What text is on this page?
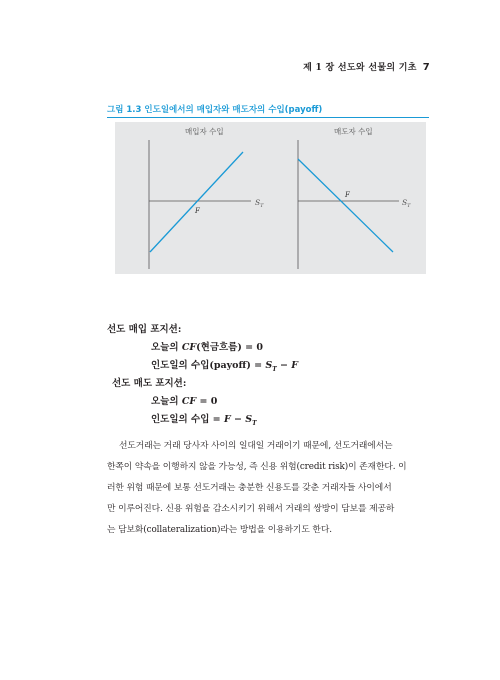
제 1 장 선도와 선물의 기초 7
그림 1.3 인도일에서의 매입자와 매도자의 수입(payoff)
매입자 수입
F
$S_T$
매도자 수입
F
$S_T$
선도 매입 포지션:
오늘의 CF(현금흐름) = 0
인도일의 수입(payoff) = $S_T - F$
선도 매도 포지션:
오늘의 CF = 0
인도일의 수입 = $F - S_T$
선도거래는 거래 당사자 사이의 일대일 거래이기 때문에, 선도거래에서는
한쪽이 약속을 이행하지 않을 가능성, 즉 신용 위험(credit risk)이 존재한다. 이
러한 위험 때문에 보통 선도거래는 충분한 신용도를 갖춘 거래자들 사이에서
만 이루어진다. 신용 위험을 감소시키기 위해서 거래의 쌍방이 담보를 제공하
는 담보화(collateralization)라는 방법을 이용하기도 한다.
